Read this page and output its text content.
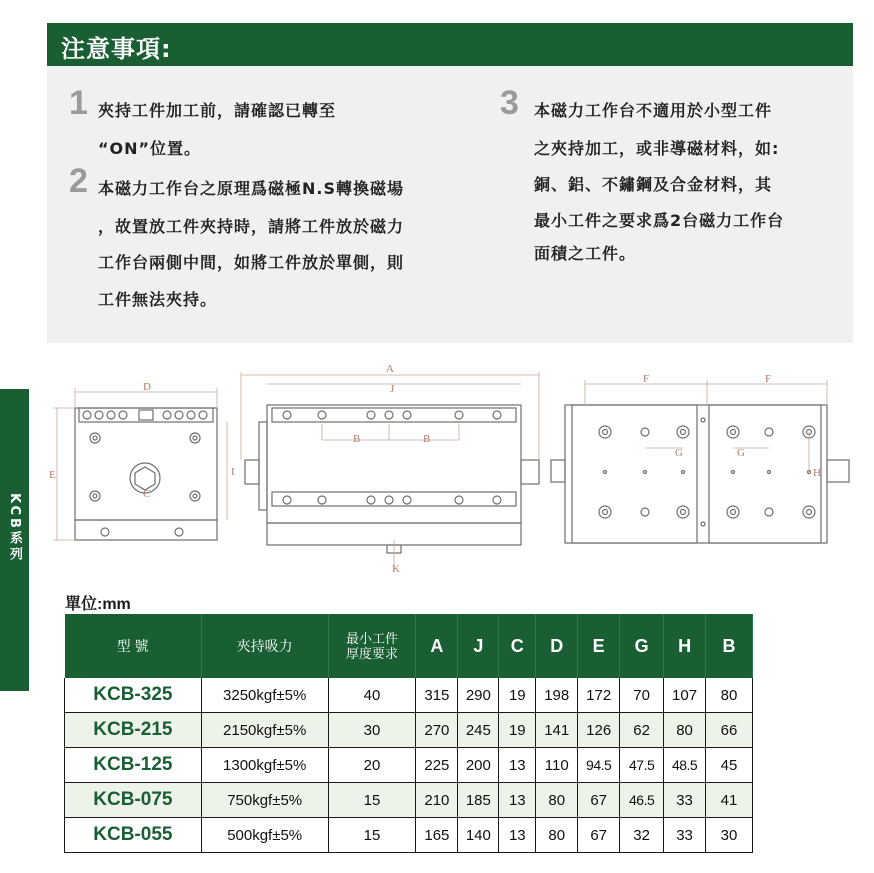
注意事項:
1 夾持工件加工前，請確認已轉至
“ON”位置。
2 本磁力工作台之原理爲磁極N.S轉換磁場
，故置放工件夾持時，請將工件放於磁力
工作台兩側中間，如將工件放於單側，則
工件無法夾持。
3 本磁力工作台不適用於小型工件
之夾持加工，或非導磁材料，如:
銅、鋁、不鏽鋼及合金材料，其
最小工件之要求爲2台磁力工作台
面積之工件。
KCB系列
D
E	I
C
A
J
B	B
K
F	F
G	G
H
單位:mm
型 號	夾持吸力	最小工件
厚度要求	A	J	C	D	E	G	H	B
KCB-325	3250kgf±5%	40	315	290	19	198	172	70	107	80
KCB-215	2150kgf±5%	30	270	245	19	141	126	62	80	66
KCB-125	1300kgf±5%	20	225	200	13	110	94.5	47.5	48.5	45
KCB-075	750kgf±5%	15	210	185	13	80	67	46.5	33	41
KCB-055	500kgf±5%	15	165	140	13	80	67	32	33	30
